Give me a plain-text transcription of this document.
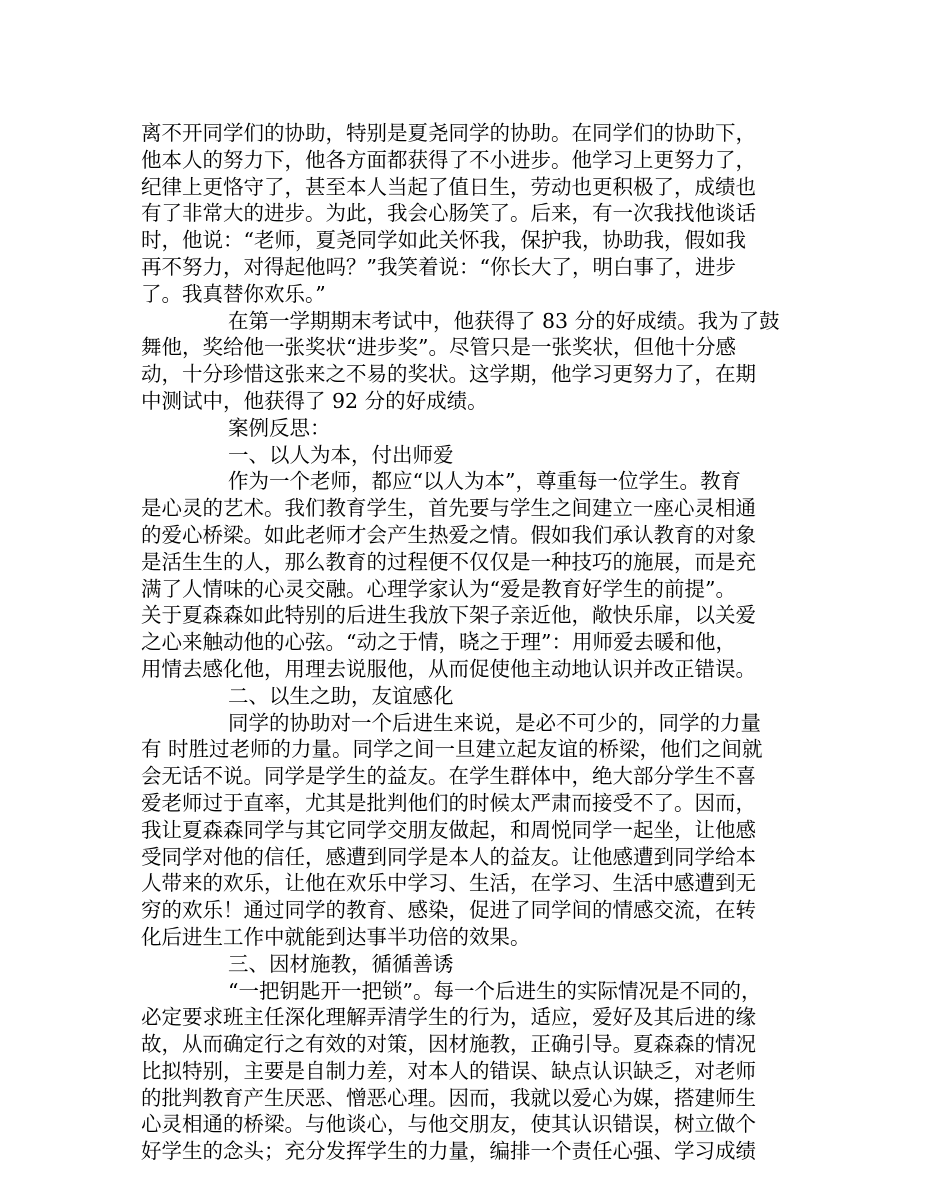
离不开同学们的协助，特别是夏尧同学的协助。在同学们的协助下，
他本人的努力下，他各方面都获得了不小进步。他学习上更努力了，
纪律上更恪守了，甚至本人当起了值日生，劳动也更积极了，成绩也
有了非常大的进步。为此，我会心肠笑了。后来，有一次我找他谈话
时，他说：“老师，夏尧同学如此关怀我，保护我，协助我，假如我
再不努力，对得起他吗？”我笑着说：“你长大了，明白事了，进步
了。我真替你欢乐。”
在第一学期期末考试中，他获得了 83 分的好成绩。我为了鼓
舞他，奖给他一张奖状“进步奖”。尽管只是一张奖状，但他十分感
动，十分珍惜这张来之不易的奖状。这学期，他学习更努力了，在期
中测试中，他获得了 92 分的好成绩。
案例反思：
一、以人为本，付出师爱
作为一个老师，都应“以人为本”，尊重每一位学生。教育
是心灵的艺术。我们教育学生，首先要与学生之间建立一座心灵相通
的爱心桥梁。如此老师才会产生热爱之情。假如我们承认教育的对象
是活生生的人，那么教育的过程便不仅仅是一种技巧的施展，而是充
满了人情味的心灵交融。心理学家认为“爱是教育好学生的前提”。
关于夏森森如此特别的后进生我放下架子亲近他，敞快乐扉，以关爱
之心来触动他的心弦。“动之于情，晓之于理”：用师爱去暖和他，
用情去感化他，用理去说服他，从而促使他主动地认识并改正错误。
二、以生之助，友谊感化
同学的协助对一个后进生来说，是必不可少的，同学的力量
有 时胜过老师的力量。同学之间一旦建立起友谊的桥梁，他们之间就
会无话不说。同学是学生的益友。在学生群体中，绝大部分学生不喜
爱老师过于直率，尤其是批判他们的时候太严肃而接受不了。因而，
我让夏森森同学与其它同学交朋友做起，和周悦同学一起坐，让他感
受同学对他的信任，感遭到同学是本人的益友。让他感遭到同学给本
人带来的欢乐，让他在欢乐中学习、生活，在学习、生活中感遭到无
穷的欢乐！通过同学的教育、感染，促进了同学间的情感交流，在转
化后进生工作中就能到达事半功倍的效果。
三、因材施教，循循善诱
“一把钥匙开一把锁”。每一个后进生的实际情况是不同的，
必定要求班主任深化理解弄清学生的行为，适应，爱好及其后进的缘
故，从而确定行之有效的对策，因材施教，正确引导。夏森森的情况
比拟特别，主要是自制力差，对本人的错误、缺点认识缺乏，对老师
的批判教育产生厌恶、憎恶心理。因而，我就以爱心为媒，搭建师生
心灵相通的桥梁。与他谈心，与他交朋友，使其认识错误，树立做个
好学生的念头；充分发挥学生的力量，编排一个责任心强、学习成绩
